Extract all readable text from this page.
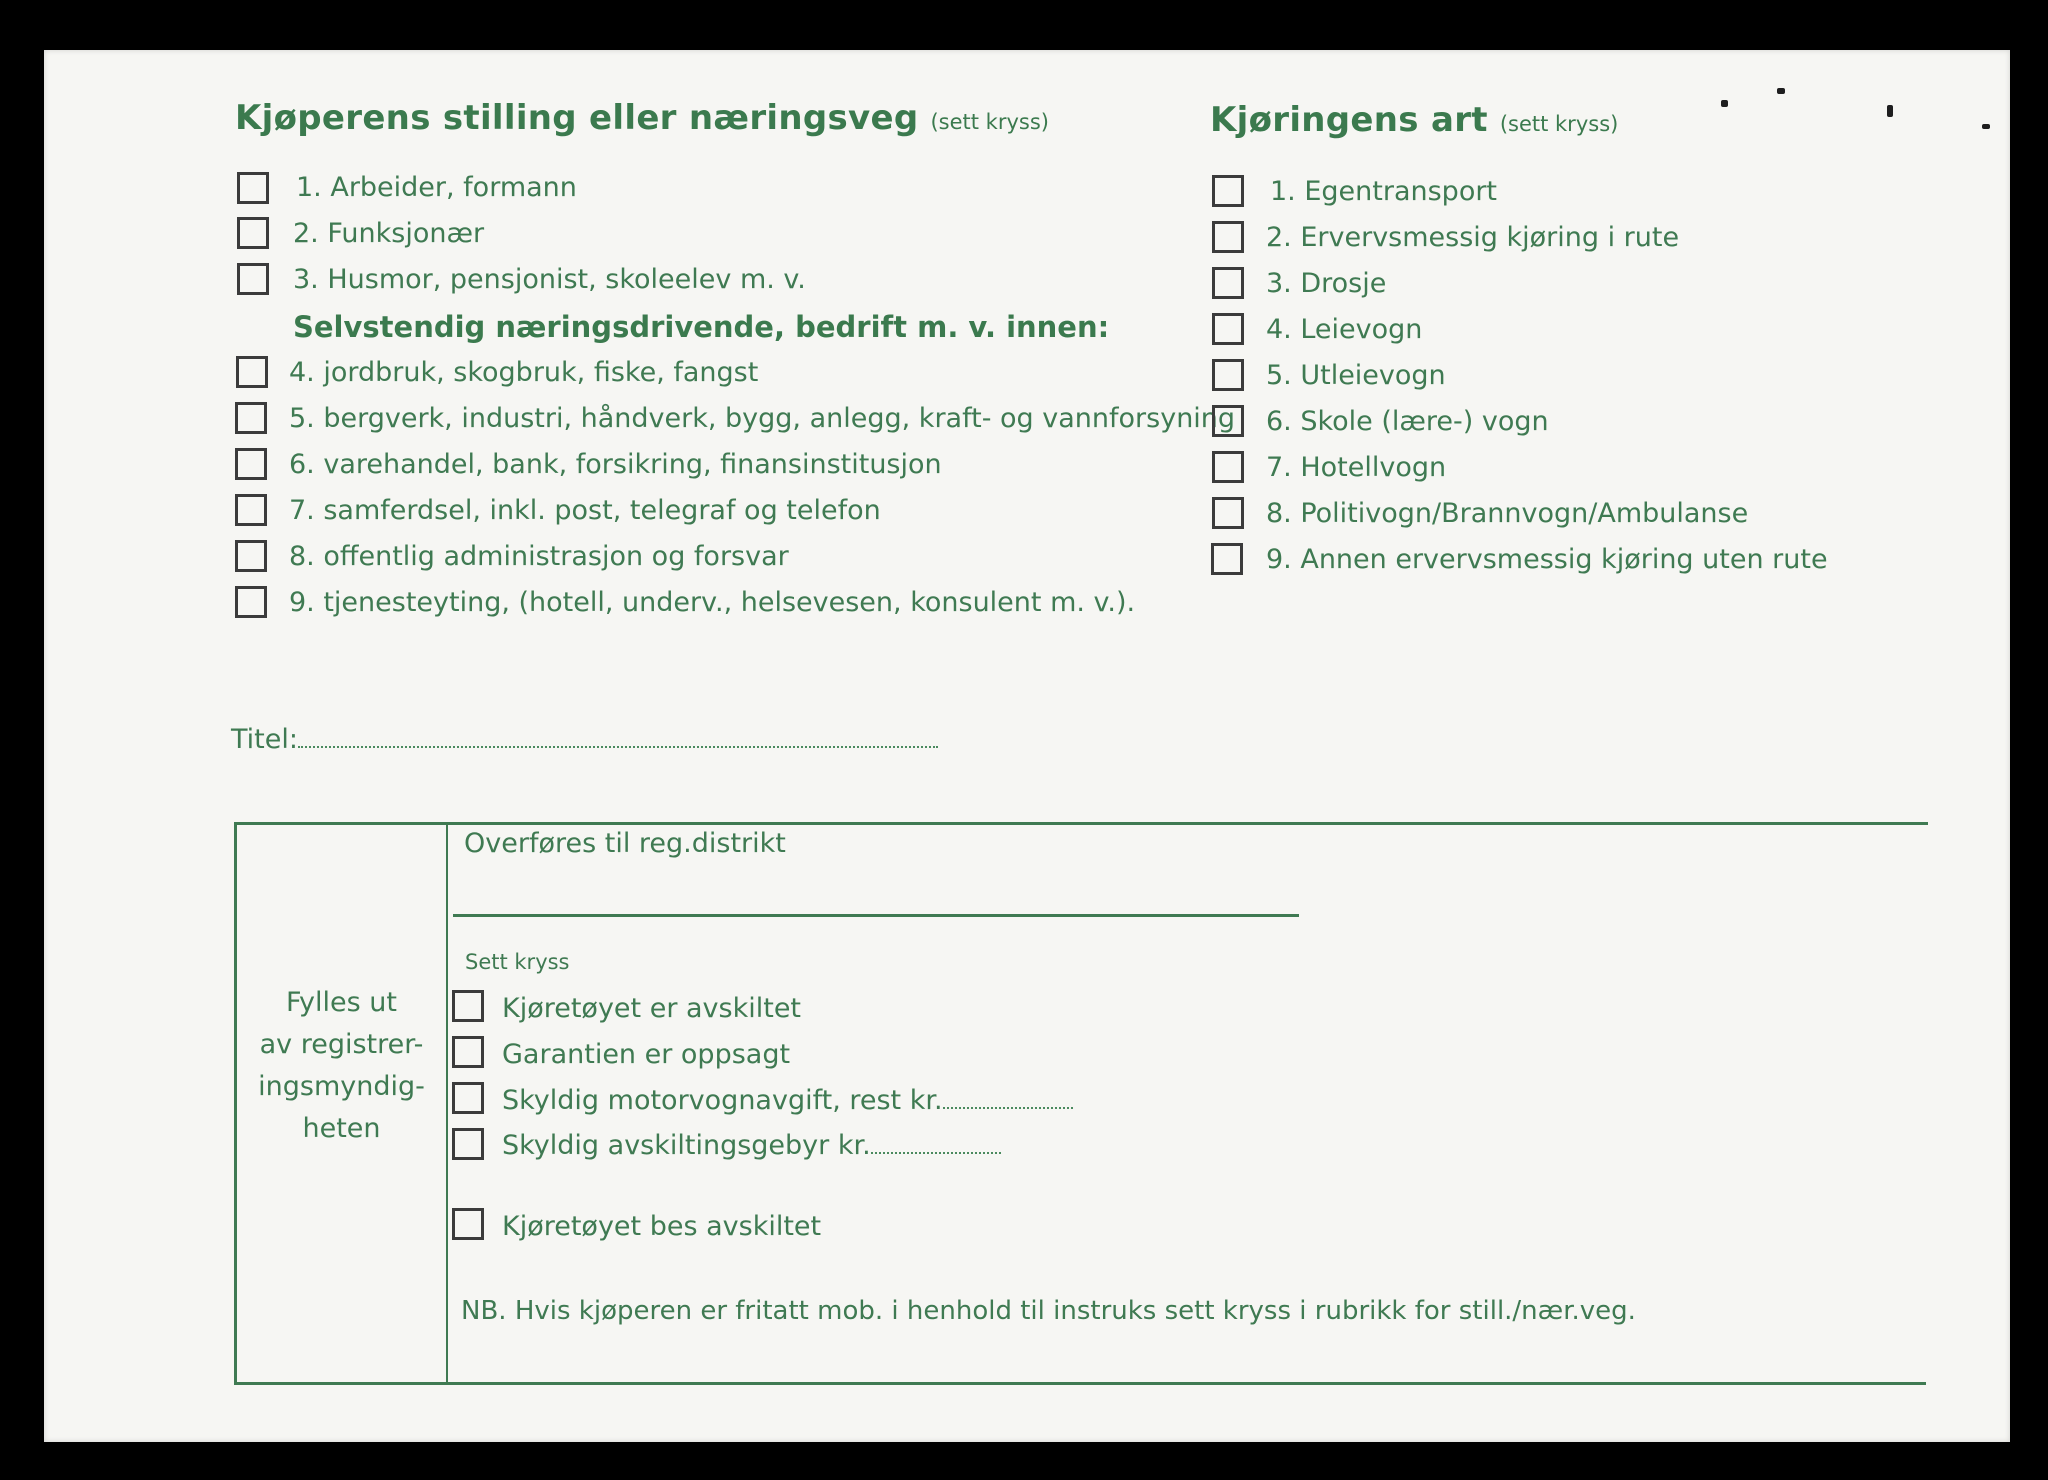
Kjøperens stilling eller næringsveg (sett kryss)
1. Arbeider, formann
2. Funksjonær
3. Husmor, pensjonist, skoleelev m. v.
Selvstendig næringsdrivende, bedrift m. v. innen:
4. jordbruk, skogbruk, fiske, fangst
5. bergverk, industri, håndverk, bygg, anlegg, kraft- og vannforsyning
6. varehandel, bank, forsikring, finansinstitusjon
7. samferdsel, inkl. post, telegraf og telefon
8. offentlig administrasjon og forsvar
9. tjenesteyting, (hotell, underv., helsevesen, konsulent m. v.).
Kjøringens art (sett kryss)
1. Egentransport
2. Ervervsmessig kjøring i rute
3. Drosje
4. Leievogn
5. Utleievogn
6. Skole (lære-) vogn
7. Hotellvogn
8. Politivogn/Brannvogn/Ambulanse
9. Annen ervervsmessig kjøring uten rute
Titel:
Fylles ut
av registrer-
ingsmyndig-
heten
Overføres til reg.distrikt
Sett kryss
Kjøretøyet er avskiltet
Garantien er oppsagt
Skyldig motorvognavgift, rest kr.
Skyldig avskiltingsgebyr kr.
Kjøretøyet bes avskiltet
NB. Hvis kjøperen er fritatt mob. i henhold til instruks sett kryss i rubrikk for still./nær.veg.
